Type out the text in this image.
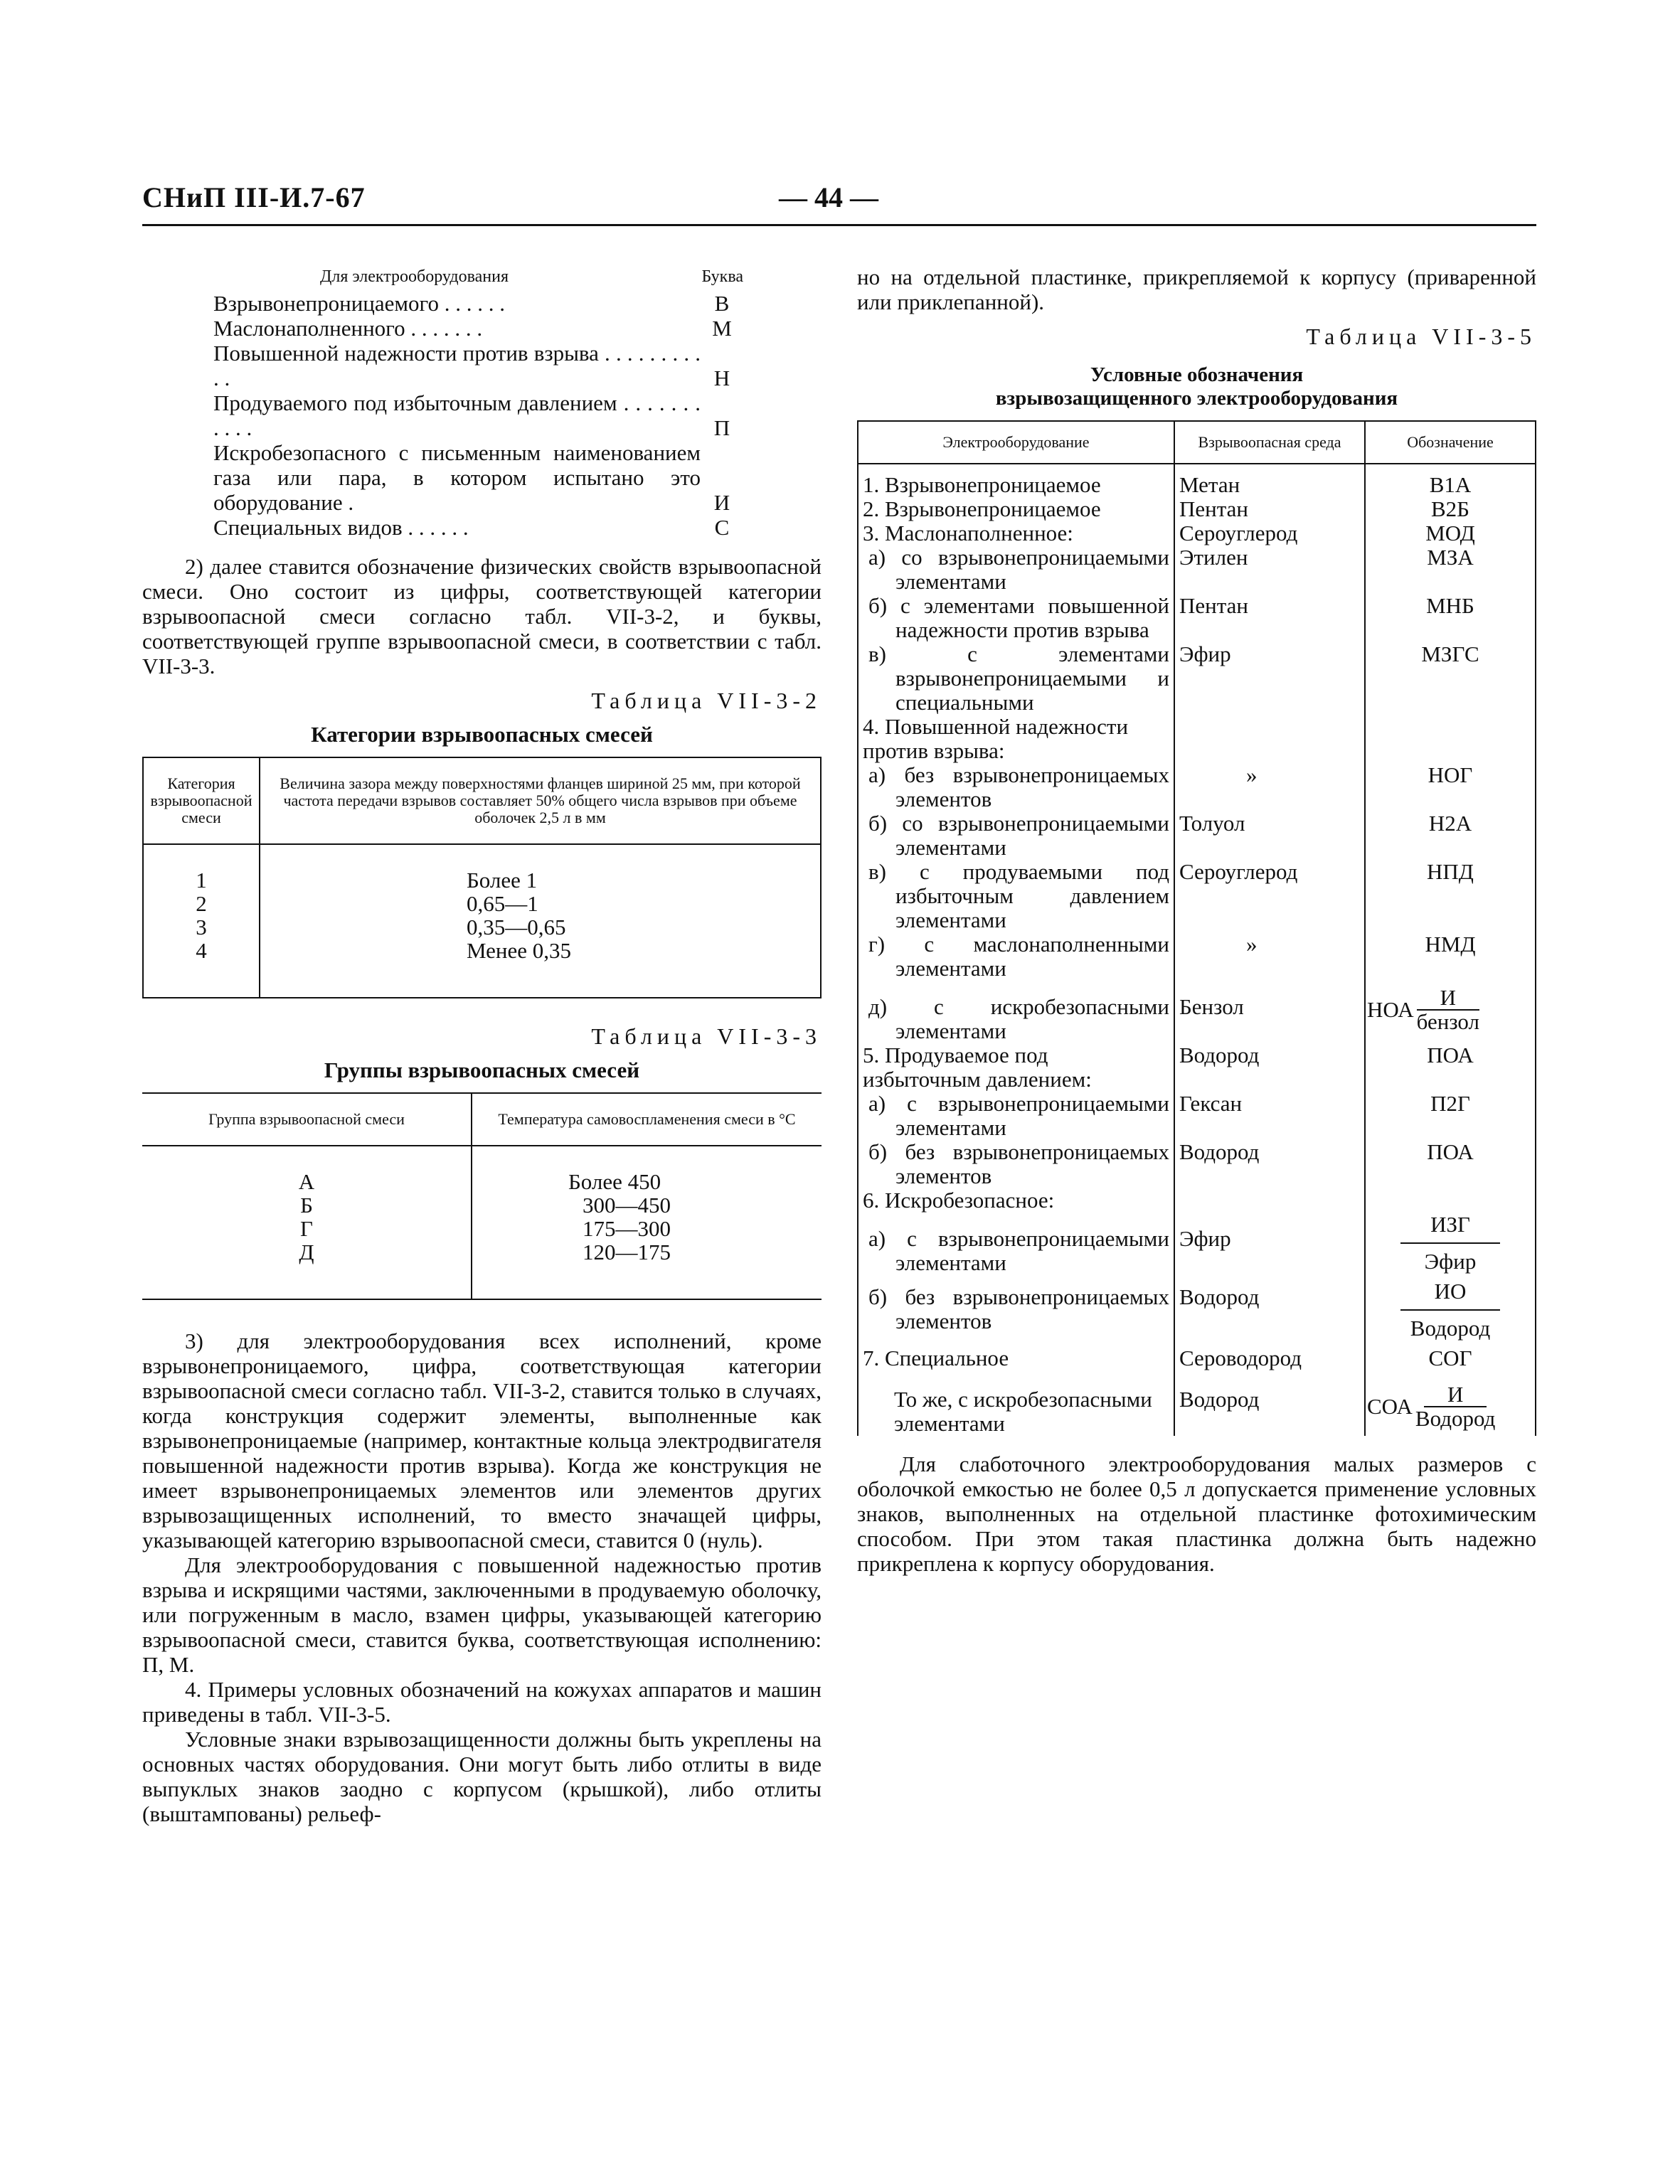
СНиП III-И.7-67	— 44 —
Для электрооборудования	Буква
Взрывонепроницаемого . . . . . .	В
Маслонаполненного . . . . . . .	М
Повышенной надежности против взрыва . . . . . . . . . . .	Н
Продуваемого под избыточным давлением . . . . . . . . . . .	П
Искробезопасного с письменным наименованием газа или пара, в котором испытано это оборудование .	И
Специальных видов . . . . . .	С

2) далее ставится обозначение физических свойств взрывоопасной смеси. Оно состоит из цифры, соответствующей категории взрывоопасной смеси согласно табл. VII-3-2, и буквы, соответствующей группе взрывоопасной смеси, в соответствии с табл. VII-3-3.

Таблица VII-3-2
Категории взрывоопасных смесей
Категория взрывоопасной смеси	Величина зазора между поверхностями фланцев шириной 25 мм, при которой частота передачи взрывов составляет 50% общего числа взрывов при объеме оболочек 2,5 л в мм
1	Более 1
2	0,65—1
3	0,35—0,65
4	Менее 0,35
Таблица VII-3-3
Группы взрывоопасных смесей
Группа взрывоопасной смеси	Температура самовоспламенения смеси в °С
А	Более 450
Б	300—450
Г	175—300
Д	120—175

3) для электрооборудования всех исполнений, кроме взрывонепроницаемого, цифра, соответствующая категории взрывоопасной смеси согласно табл. VII-3-2, ставится только в случаях, когда конструкция содержит элементы, выполненные как взрывонепроницаемые (например, контактные кольца электродвигателя повышенной надежности против взрыва). Когда же конструкция не имеет взрывонепроницаемых элементов или элементов других взрывозащищенных исполнений, то вместо значащей цифры, указывающей категорию взрывоопасной смеси, ставится 0 (нуль).

Для электрооборудования с повышенной надежностью против взрыва и искрящими частями, заключенными в продуваемую оболочку, или погруженным в масло, взамен цифры, указывающей категорию взрывоопасной смеси, ставится буква, соответствующая исполнению: П, М.

4. Примеры условных обозначений на кожухах аппаратов и машин приведены в табл. VII-3-5.

Условные знаки взрывозащищенности должны быть укреплены на основных частях оборудования. Они могут быть либо отлиты в виде выпуклых знаков заодно с корпусом (крышкой), либо отлиты (выштампованы) рельеф-

но на отдельной пластинке, прикрепляемой к корпусу (приваренной или приклепанной).

Таблица VII-3-5
Условные обозначения
взрывозащищенного электрооборудования
Электрооборудование	Взрывоопасная среда	Обозначение
1. Взрывонепроницаемое	Метан	В1А
2. Взрывонепроницаемое	Пентан	В2Б
3. Маслонаполненное:	Сероуглерод	МОД

а) со взрывонепроницаемыми элементами	Этилен	МЗА

б) с элементами повышенной надежности против взрыва	Пентан	МНБ

в) с элементами взрывонепроницаемыми и специальными	Эфир	МЗГС
4. Повышенной надежности против взрыва:		

а) без взрывонепроницаемых элементов	»	НОГ

б) со взрывонепроницаемыми элементами	Толуол	Н2А

в) с продуваемыми под избыточным давлением элементами	Сероуглерод	НПД

г) с маслонаполненными элементами	»	НМД

д) с искробезопасными элементами	Бензол	НОА $\frac{И}{\text{бензол}}$

5. Продуваемое под избыточным давлением:	Водород	ПОА

а) с взрывонепроницаемыми элементами	Гексан	П2Г

б) без взрывонепроницаемых элементов	Водород	ПОА
6. Искробезопасное:		

а) с взрывонепроницаемыми элементами	Эфир	$\frac{\text{ИЗГ}}{\text{Эфир}}$

б) без взрывонепроницаемых элементов	Водород	$\frac{ИО}{\text{Водород}}$

7. Специальное	Сероводород	СОГ
То же, с искробезопасными элементами	Водород	СОА $\frac{И}{\text{Водород}}$

Для слаботочного электрооборудования малых размеров с оболочкой емкостью не более 0,5 л допускается применение условных знаков, выполненных на отдельной пластинке фотохимическим способом. При этом такая пластинка должна быть надежно прикреплена к корпусу оборудования.
